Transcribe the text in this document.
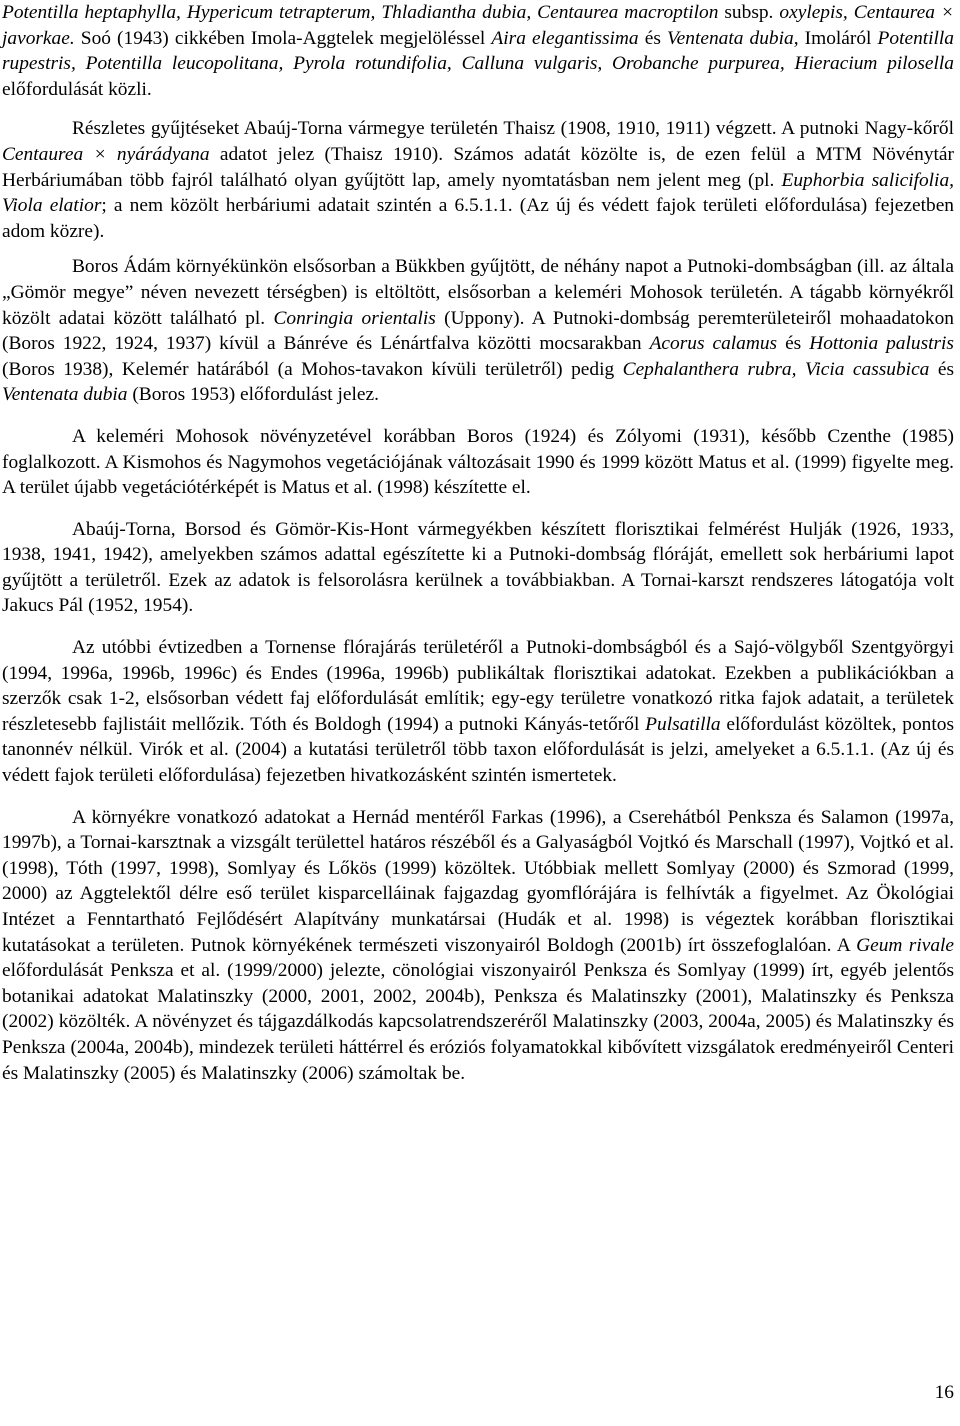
Potentilla heptaphylla, Hypericum tetrapterum, Thladiantha dubia, Centaurea macroptilon subsp. oxylepis, Centaurea × javorkae. Soó (1943) cikkében Imola-Aggtelek megjelöléssel Aira elegantissima és Ventenata dubia, Imoláról Potentilla rupestris, Potentilla leucopolitana, Pyrola rotundifolia, Calluna vulgaris, Orobanche purpurea, Hieracium pilosella előfordulását közli.

Részletes gyűjtéseket Abaúj-Torna vármegye területén Thaisz (1908, 1910, 1911) végzett. A putnoki Nagy-kőről Centaurea × nyárádyana adatot jelez (Thaisz 1910). Számos adatát közölte is, de ezen felül a MTM Növénytár Herbáriumában több fajról található olyan gyűjtött lap, amely nyomtatásban nem jelent meg (pl. Euphorbia salicifolia, Viola elatior; a nem közölt herbáriumi adatait szintén a 6.5.1.1. (Az új és védett fajok területi előfordulása) fejezetben adom közre).

Boros Ádám környékünkön elsősorban a Bükkben gyűjtött, de néhány napot a Putnoki-dombságban (ill. az általa „Gömör megye” néven nevezett térségben) is eltöltött, elsősorban a keleméri Mohosok területén. A tágabb környékről közölt adatai között található pl. Conringia orientalis (Uppony). A Putnoki-dombság peremterületeiről mohaadatokon (Boros 1922, 1924, 1937) kívül a Bánréve és Lénártfalva közötti mocsarakban Acorus calamus és Hottonia palustris (Boros 1938), Kelemér határából (a Mohos-tavakon kívüli területről) pedig Cephalanthera rubra, Vicia cassubica és Ventenata dubia (Boros 1953) előfordulást jelez.

A keleméri Mohosok növényzetével korábban Boros (1924) és Zólyomi (1931), később Czenthe (1985) foglalkozott. A Kismohos és Nagymohos vegetációjának változásait 1990 és 1999 között Matus et al. (1999) figyelte meg. A terület újabb vegetációtérképét is Matus et al. (1998) készítette el.

Abaúj-Torna, Borsod és Gömör-Kis-Hont vármegyékben készített florisztikai felmérést Hulják (1926, 1933, 1938, 1941, 1942), amelyekben számos adattal egészítette ki a Putnoki-dombság flóráját, emellett sok herbáriumi lapot gyűjtött a területről. Ezek az adatok is felsorolásra kerülnek a továbbiakban. A Tornai-karszt rendszeres látogatója volt Jakucs Pál (1952, 1954).

Az utóbbi évtizedben a Tornense flórajárás területéről a Putnoki-dombságból és a Sajó-völgyből Szentgyörgyi (1994, 1996a, 1996b, 1996c) és Endes (1996a, 1996b) publikáltak florisztikai adatokat. Ezekben a publikációkban a szerzők csak 1-2, elsősorban védett faj előfordulását említik; egy-egy területre vonatkozó ritka fajok adatait, a területek részletesebb fajlistáit mellőzik. Tóth és Boldogh (1994) a putnoki Kányás-tetőről Pulsatilla előfordulást közöltek, pontos tanonnév nélkül. Virók et al. (2004) a kutatási területről több taxon előfordulását is jelzi, amelyeket a 6.5.1.1. (Az új és védett fajok területi előfordulása) fejezetben hivatkozásként szintén ismertetek.

A környékre vonatkozó adatokat a Hernád mentéről Farkas (1996), a Cserehátból Penksza és Salamon (1997a, 1997b), a Tornai-karsztnak a vizsgált területtel határos részéből és a Galyaságból Vojtkó és Marschall (1997), Vojtkó et al. (1998), Tóth (1997, 1998), Somlyay és Lőkös (1999) közöltek. Utóbbiak mellett Somlyay (2000) és Szmorad (1999, 2000) az Aggtelektől délre eső terület kisparcelláinak fajgazdag gyomflórájára is felhívták a figyelmet. Az Ökológiai Intézet a Fenntartható Fejlődésért Alapítvány munkatársai (Hudák et al. 1998) is végeztek korábban florisztikai kutatásokat a területen. Putnok környékének természeti viszonyairól Boldogh (2001b) írt összefoglalóan. A Geum rivale előfordulását Penksza et al. (1999/2000) jelezte, cönológiai viszonyairól Penksza és Somlyay (1999) írt, egyéb jelentős botanikai adatokat Malatinszky (2000, 2001, 2002, 2004b), Penksza és Malatinszky (2001), Malatinszky és Penksza (2002) közölték. A növényzet és tájgazdálkodás kapcsolatrendszeréről Malatinszky (2003, 2004a, 2005) és Malatinszky és Penksza (2004a, 2004b), mindezek területi háttérrel és eróziós folyamatokkal kibővített vizsgálatok eredményeiről Centeri és Malatinszky (2005) és Malatinszky (2006) számoltak be.

16
